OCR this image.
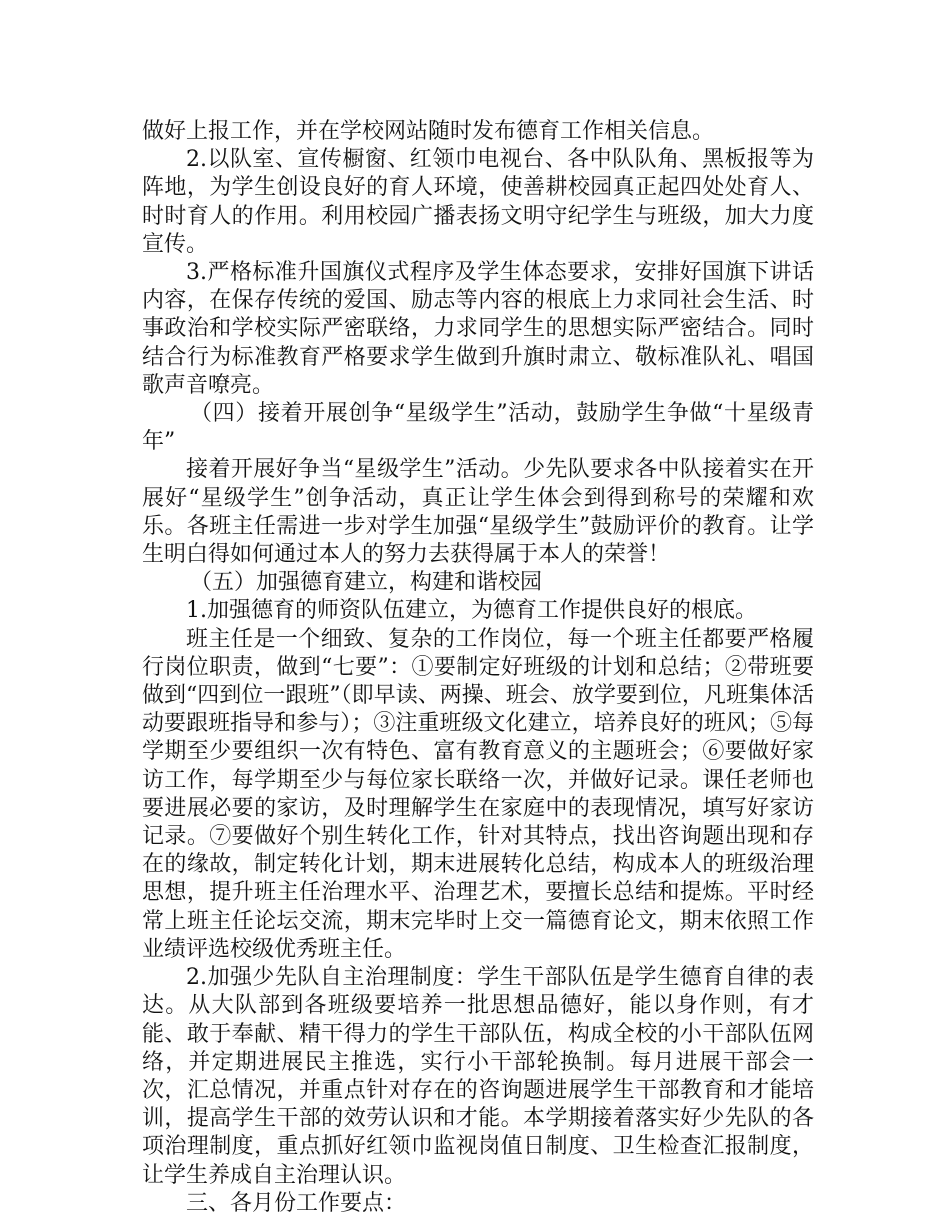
做好上报工作，并在学校网站随时发布德育工作相关信息。

2.以队室、宣传橱窗、红领巾电视台、各中队队角、黑板报等为阵地，为学生创设良好的育人环境，使善耕校园真正起四处处育人、时时育人的作用。利用校园广播表扬文明守纪学生与班级，加大力度宣传。

3.严格标准升国旗仪式程序及学生体态要求，安排好国旗下讲话内容，在保存传统的爱国、励志等内容的根底上力求同社会生活、时事政治和学校实际严密联络，力求同学生的思想实际严密结合。同时结合行为标准教育严格要求学生做到升旗时肃立、敬标准队礼、唱国歌声音嘹亮。

（四）接着开展创争“星级学生”活动，鼓励学生争做“十星级青年”

接着开展好争当“星级学生”活动。少先队要求各中队接着实在开展好“星级学生”创争活动，真正让学生体会到得到称号的荣耀和欢乐。各班主任需进一步对学生加强“星级学生”鼓励评价的教育。让学生明白得如何通过本人的努力去获得属于本人的荣誉！

（五）加强德育建立，构建和谐校园

1.加强德育的师资队伍建立，为德育工作提供良好的根底。

班主任是一个细致、复杂的工作岗位，每一个班主任都要严格履行岗位职责，做到“七要”：①要制定好班级的计划和总结；②带班要做到“四到位一跟班”（即早读、两操、班会、放学要到位，凡班集体活动要跟班指导和参与）；③注重班级文化建立，培养良好的班风；⑤每学期至少要组织一次有特色、富有教育意义的主题班会；⑥要做好家访工作，每学期至少与每位家长联络一次，并做好记录。课任老师也要进展必要的家访，及时理解学生在家庭中的表现情况，填写好家访记录。⑦要做好个别生转化工作，针对其特点，找出咨询题出现和存在的缘故，制定转化计划，期末进展转化总结，构成本人的班级治理思想，提升班主任治理水平、治理艺术，要擅长总结和提炼。平时经常上班主任论坛交流，期末完毕时上交一篇德育论文，期末依照工作业绩评选校级优秀班主任。

2.加强少先队自主治理制度：学生干部队伍是学生德育自律的表达。从大队部到各班级要培养一批思想品德好，能以身作则，有才能、敢于奉献、精干得力的学生干部队伍，构成全校的小干部队伍网络，并定期进展民主推选，实行小干部轮换制。每月进展干部会一次，汇总情况，并重点针对存在的咨询题进展学生干部教育和才能培训，提高学生干部的效劳认识和才能。本学期接着落实好少先队的各项治理制度，重点抓好红领巾监视岗值日制度、卫生检查汇报制度，让学生养成自主治理认识。

三、各月份工作要点：
